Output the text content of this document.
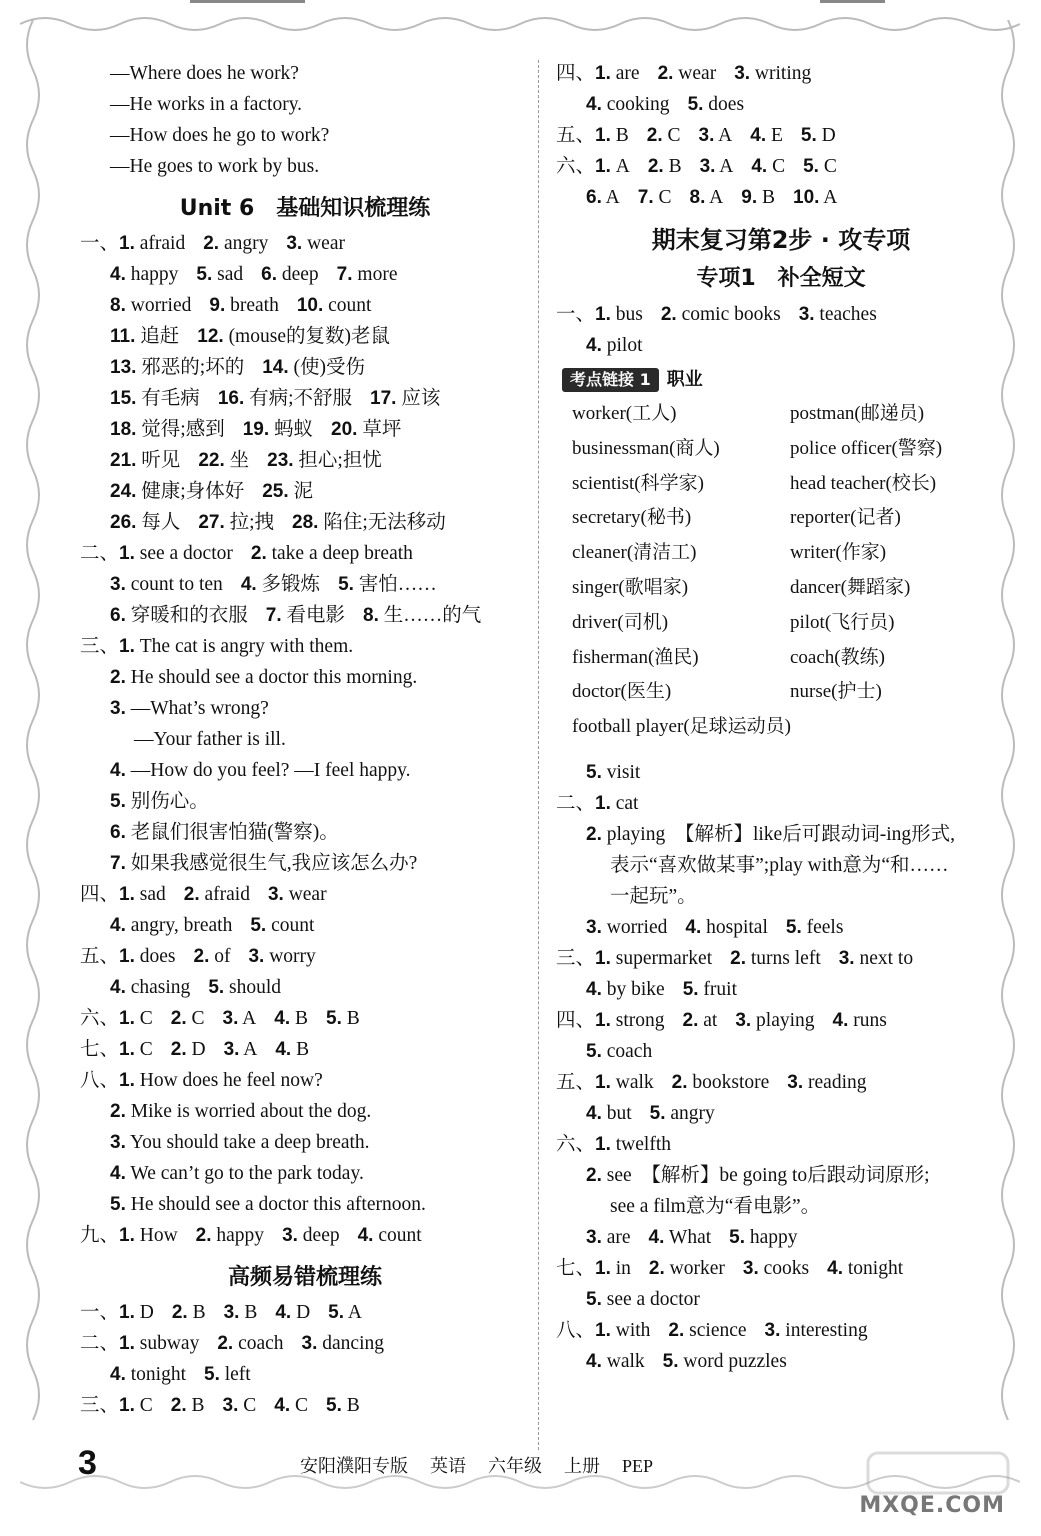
—Where does he work?
—He works in a factory.
—How does he go to work?
—He goes to work by bus.
Unit 6　基础知识梳理练
一、1. afraid 2. angry 3. wear
4. happy 5. sad 6. deep 7. more
8. worried 9. breath 10. count
11. 追赶 12. (mouse的复数)老鼠
13. 邪恶的;坏的 14. (使)受伤
15. 有毛病 16. 有病;不舒服 17. 应该
18. 觉得;感到 19. 蚂蚁 20. 草坪
21. 听见 22. 坐 23. 担心;担忧
24. 健康;身体好 25. 泥
26. 每人 27. 拉;拽 28. 陷住;无法移动
二、1. see a doctor 2. take a deep breath
3. count to ten 4. 多锻炼 5. 害怕……
6. 穿暖和的衣服 7. 看电影 8. 生……的气
三、1. The cat is angry with them.
2. He should see a doctor this morning.
3. —What’s wrong?
—Your father is ill.
4. —How do you feel? —I feel happy.
5. 别伤心。
6. 老鼠们很害怕猫(警察)。
7. 如果我感觉很生气,我应该怎么办?
四、1. sad 2. afraid 3. wear
4. angry, breath 5. count
五、1. does 2. of 3. worry
4. chasing 5. should
六、1. C 2. C 3. A 4. B 5. B
七、1. C 2. D 3. A 4. B
八、1. How does he feel now?
2. Mike is worried about the dog.
3. You should take a deep breath.
4. We can’t go to the park today.
5. He should see a doctor this afternoon.
九、1. How 2. happy 3. deep 4. count
高频易错梳理练
一、1. D 2. B 3. B 4. D 5. A
二、1. subway 2. coach 3. dancing
4. tonight 5. left
三、1. C 2. B 3. C 4. C 5. B
四、1. are 2. wear 3. writing
4. cooking 5. does
五、1. B 2. C 3. A 4. E 5. D
六、1. A 2. B 3. A 4. C 5. C
6. A 7. C 8. A 9. B 10. A
期末复习第2步 · 攻专项
专项1　补全短文
一、1. bus 2. comic books 3. teaches
4. pilot
考点链接 1 职业
worker(工人)	postman(邮递员)
businessman(商人)	police officer(警察)
scientist(科学家)	head teacher(校长)
secretary(秘书)	reporter(记者)
cleaner(清洁工)	writer(作家)
singer(歌唱家)	dancer(舞蹈家)
driver(司机)	pilot(飞行员)
fisherman(渔民)	coach(教练)
doctor(医生)	nurse(护士)
football player(足球运动员)
5. visit
二、1. cat
2. playing　【解析】like后可跟动词-ing形式,
表示“喜欢做某事”;play with意为“和……
一起玩”。
3. worried 4. hospital 5. feels
三、1. supermarket 2. turns left 3. next to
4. by bike 5. fruit
四、1. strong 2. at 3. playing 4. runs
5. coach
五、1. walk 2. bookstore 3. reading
4. but 5. angry
六、1. twelfth
2. see　【解析】be going to后跟动词原形;
see a film意为“看电影”。
3. are 4. What 5. happy
七、1. in 2. worker 3. cooks 4. tonight
5. see a doctor
八、1. with 2. science 3. interesting
4. walk 5. word puzzles
3	安阳濮阳专版 英语 六年级 上册 PEP
MXQE.COM
